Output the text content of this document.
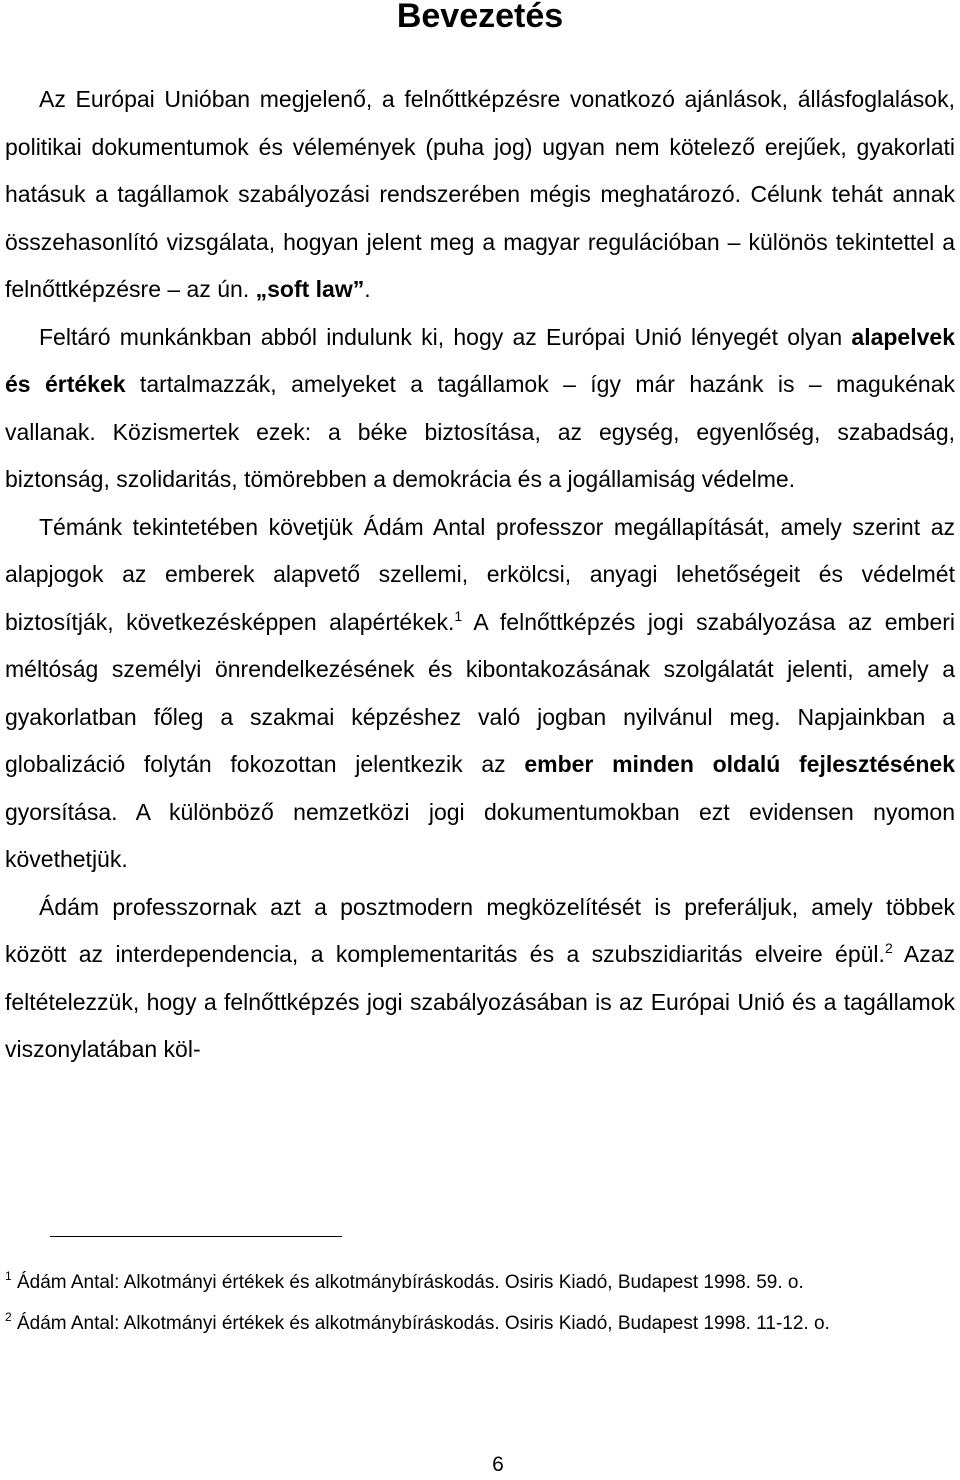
Bevezetés

Az Európai Unióban megjelenő, a felnőttképzésre vonatkozó ajánlások, állásfoglalások, politikai dokumentumok és vélemények (puha jog) ugyan nem kötelező erejűek, gyakorlati hatásuk a tagállamok szabályozási rendszerében mégis meghatározó. Célunk tehát annak összehasonlító vizsgálata, hogyan jelent meg a magyar regulációban – különös tekintettel a felnőttképzésre – az ún. „soft law”.

Feltáró munkánkban abból indulunk ki, hogy az Európai Unió lényegét olyan alapelvek és értékek tartalmazzák, amelyeket a tagállamok – így már hazánk is – magukénak vallanak. Közismertek ezek: a béke biztosítása, az egység, egyenlőség, szabadság, biztonság, szolidaritás, tömörebben a demokrácia és a jogállamiság védelme.

Témánk tekintetében követjük Ádám Antal professzor megállapítását, amely szerint az alapjogok az emberek alapvető szellemi, erkölcsi, anyagi lehetőségeit és védelmét biztosítják, következésképpen alapértékek.$^1$ A felnőttképzés jogi szabályozása az emberi méltóság személyi önrendelkezésének és kibontakozásának szolgálatát jelenti, amely a gyakorlatban főleg a szakmai képzéshez való jogban nyilvánul meg. Napjainkban a globalizáció folytán fokozottan jelentkezik az ember minden oldalú fejlesztésének gyorsítása. A különböző nemzetközi jogi dokumentumokban ezt evidensen nyomon követhetjük.

Ádám professzornak azt a posztmodern megközelítését is preferáljuk, amely többek között az interdependencia, a komplementaritás és a szubszidiaritás elveire épül.$^2$ Azaz feltételezzük, hogy a felnőttképzés jogi szabályozásában is az Európai Unió és a tagállamok viszonylatában köl-

$^1$ Ádám Antal: Alkotmányi értékek és alkotmánybíráskodás. Osiris Kiadó, Budapest 1998. 59. o.

$^2$ Ádám Antal: Alkotmányi értékek és alkotmánybíráskodás. Osiris Kiadó, Budapest 1998. 11-12. o.

6
